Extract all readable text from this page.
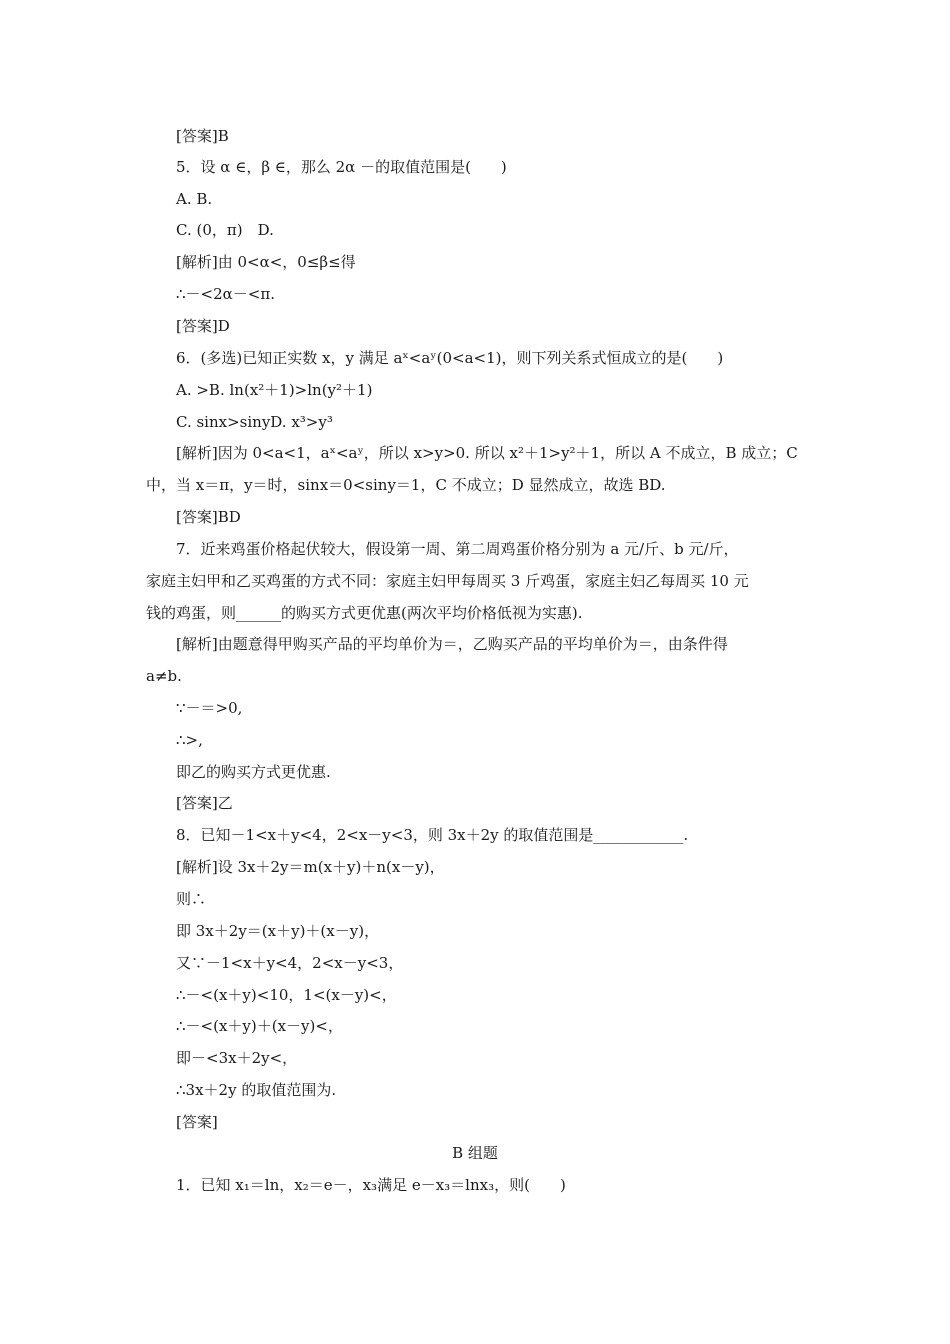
[答案]B
5．设 α ∈，β ∈，那么 2α －的取值范围是(　　)
A. B.
C. (0，π)　D.
[解析]由 0<α<，0≤β≤得
∴－<2α－<π.
[答案]D
6．(多选)已知正实数 x，y 满足 aˣ<aʸ(0<a<1)，则下列关系式恒成立的是(　　)
A. >B. ln(x²＋1)>ln(y²＋1)
C. sinx>sinyD. x³>y³
[解析]因为 0<a<1，aˣ<aʸ，所以 x>y>0. 所以 x²＋1>y²＋1，所以 A 不成立，B 成立；C
中，当 x＝π，y＝时，sinx＝0<siny＝1，C 不成立；D 显然成立，故选 BD.
[答案]BD
7．近来鸡蛋价格起伏较大，假设第一周、第二周鸡蛋价格分别为 a 元/斤、b 元/斤，
家庭主妇甲和乙买鸡蛋的方式不同：家庭主妇甲每周买 3 斤鸡蛋，家庭主妇乙每周买 10 元
钱的鸡蛋，则______的购买方式更优惠(两次平均价格低视为实惠).
[解析]由题意得甲购买产品的平均单价为＝，乙购买产品的平均单价为＝，由条件得
a≠b.
∵－＝>0,
∴>,
即乙的购买方式更优惠.
[答案]乙
8．已知－1<x＋y<4，2<x－y<3，则 3x＋2y 的取值范围是____________.
[解析]设 3x＋2y＝m(x＋y)＋n(x－y)，
则∴
即 3x＋2y＝(x＋y)＋(x－y)，
又∵－1<x＋y<4，2<x－y<3，
∴－<(x＋y)<10，1<(x－y)<，
∴－<(x＋y)＋(x－y)<，
即－<3x＋2y<，
∴3x＋2y 的取值范围为.
[答案]
B 组题
1．已知 x₁＝ln，x₂＝e－，x₃满足 e－x₃＝lnx₃，则(　　)
